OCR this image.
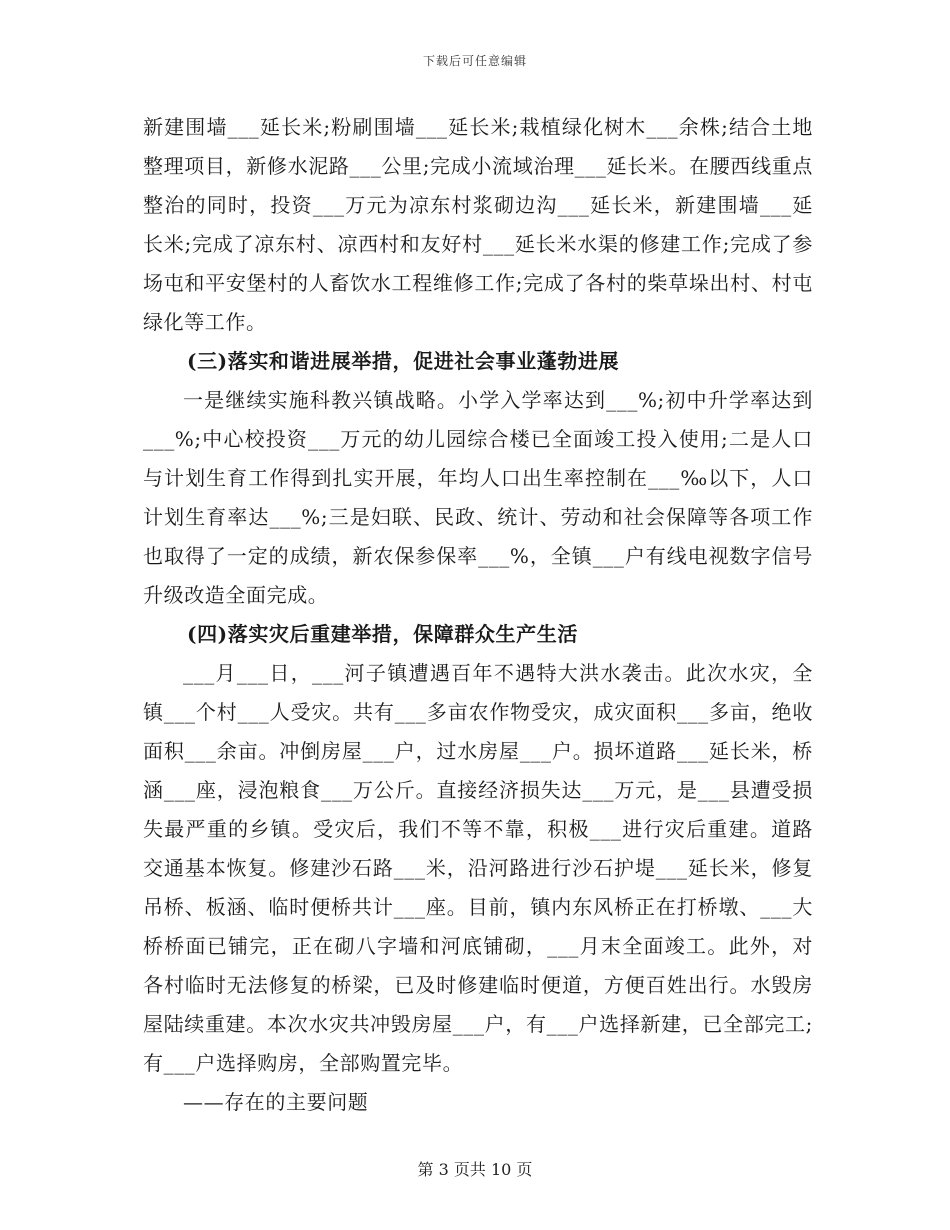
下载后可任意编辑

新建围墙___延长米;粉刷围墙___延长米;栽植绿化树木___余株;结合土地整理项目，新修水泥路___公里;完成小流域治理___延长米。在腰西线重点整治的同时，投资___万元为凉东村浆砌边沟___延长米，新建围墙___延长米;完成了凉东村、凉西村和友好村___延长米水渠的修建工作;完成了参场屯和平安堡村的人畜饮水工程维修工作;完成了各村的柴草垛出村、村屯绿化等工作。

(三)落实和谐进展举措，促进社会事业蓬勃进展

一是继续实施科教兴镇战略。小学入学率达到___%;初中升学率达到___%;中心校投资___万元的幼儿园综合楼已全面竣工投入使用;二是人口与计划生育工作得到扎实开展，年均人口出生率控制在___‰以下，人口计划生育率达___%;三是妇联、民政、统计、劳动和社会保障等各项工作也取得了一定的成绩，新农保参保率___%，全镇___户有线电视数字信号升级改造全面完成。

(四)落实灾后重建举措，保障群众生产生活

___月___日，___河子镇遭遇百年不遇特大洪水袭击。此次水灾，全镇___个村___人受灾。共有___多亩农作物受灾，成灾面积___多亩，绝收面积___余亩。冲倒房屋___户，过水房屋___户。损坏道路___延长米，桥涵___座，浸泡粮食___万公斤。直接经济损失达___万元，是___县遭受损失最严重的乡镇。受灾后，我们不等不靠，积极___进行灾后重建。道路交通基本恢复。修建沙石路___米，沿河路进行沙石护堤___延长米，修复吊桥、板涵、临时便桥共计___座。目前，镇内东风桥正在打桥墩、___大桥桥面已铺完，正在砌八字墙和河底铺砌，___月末全面竣工。此外，对各村临时无法修复的桥梁，已及时修建临时便道，方便百姓出行。水毁房屋陆续重建。本次水灾共冲毁房屋___户，有___户选择新建，已全部完工;有___户选择购房，全部购置完毕。

——存在的主要问题

第 3 页共 10 页
